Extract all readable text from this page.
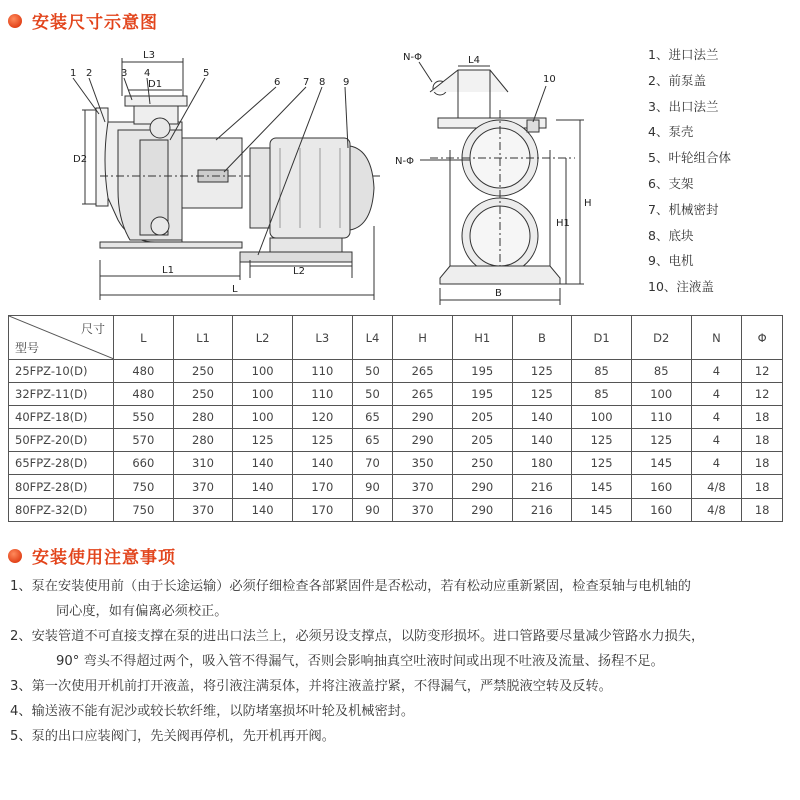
安装尺寸示意图
1 2	3 4	5
6 7 8 9	10
L3
D1
D2
L1	L2
L
N-Φ	L4
N-Φ
H
H1
B
1、进口法兰
2、前泵盖
3、出口法兰
4、泵壳
5、叶轮组合体
6、支架
7、机械密封
8、底块
9、电机
10、注液盖
尺寸
型号	L	L1	L2	L3	L4	H	H1	B	D1	D2	N	Φ
25FPZ-10(D)	480	250	100	110	50	265	195	125	85	85	4	12
32FPZ-11(D)	480	250	100	110	50	265	195	125	85	100	4	12
40FPZ-18(D)	550	280	100	120	65	290	205	140	100	110	4	18
50FPZ-20(D)	570	280	125	125	65	290	205	140	125	125	4	18
65FPZ-28(D)	660	310	140	140	70	350	250	180	125	145	4	18
80FPZ-28(D)	750	370	140	170	90	370	290	216	145	160	4/8	18
80FPZ-32(D)	750	370	140	170	90	370	290	216	145	160	4/8	18
安装使用注意事项
1、泵在安装使用前（由于长途运输）必须仔细检查各部紧固件是否松动，若有松动应重新紧固，检查泵轴与电机轴的
同心度，如有偏离必须校正。
2、安装管道不可直接支撑在泵的进出口法兰上，必须另设支撑点，以防变形损坏。进口管路要尽量减少管路水力损失，
90° 弯头不得超过两个，吸入管不得漏气，否则会影响抽真空吐液时间或出现不吐液及流量、扬程不足。
3、第一次使用开机前打开液盖，将引液注满泵体，并将注液盖拧紧，不得漏气，严禁脱液空转及反转。
4、输送液不能有泥沙或较长软纤维，以防堵塞损坏叶轮及机械密封。
5、泵的出口应装阀门，先关阀再停机，先开机再开阀。
